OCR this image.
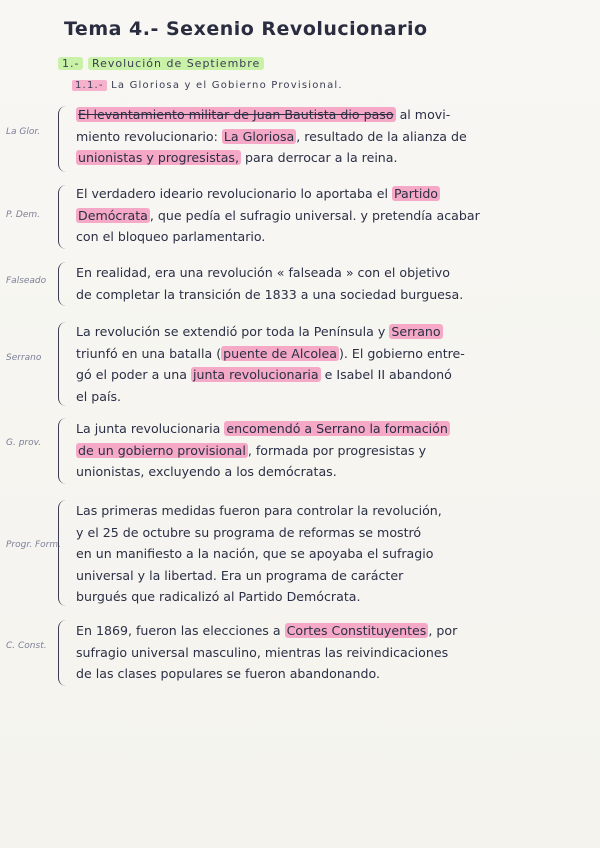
Tema 4.- Sexenio Revolucionario
1.- Revolución de Septiembre
1.1.- La Gloriosa y el Gobierno Provisional.
La Glor.
P. Dem.
Falseado
Serrano
G. prov.
Progr. Form.
C. Const.

El levantamiento militar de Juan Bautista dio paso al movi-

miento revolucionario: La Gloriosa , resultado de la alianza de

unionistas y progresistas, para derrocar a la reina.

El verdadero ideario revolucionario lo aportaba el Partido

Demócrata , que pedía el sufragio universal. y pretendía acabar

con el bloqueo parlamentario.

En realidad, era una revolución « falseada » con el objetivo

de completar la transición de 1833 a una sociedad burguesa.

La revolución se extendió por toda la Península y Serrano

triunfó en una batalla ( puente de Alcolea ). El gobierno entre-

gó el poder a una junta revolucionaria e Isabel II abandonó

el país.

La junta revolucionaria encomendó a Serrano la formación

de un gobierno provisional , formada por progresistas y

unionistas, excluyendo a los demócratas.

Las primeras medidas fueron para controlar la revolución,

y el 25 de octubre su programa de reformas se mostró

en un manifiesto a la nación, que se apoyaba el sufragio

universal y la libertad. Era un programa de carácter

burgués que radicalizó al Partido Demócrata.

En 1869, fueron las elecciones a Cortes Constituyentes , por

sufragio universal masculino, mientras las reivindicaciones

de las clases populares se fueron abandonando.
